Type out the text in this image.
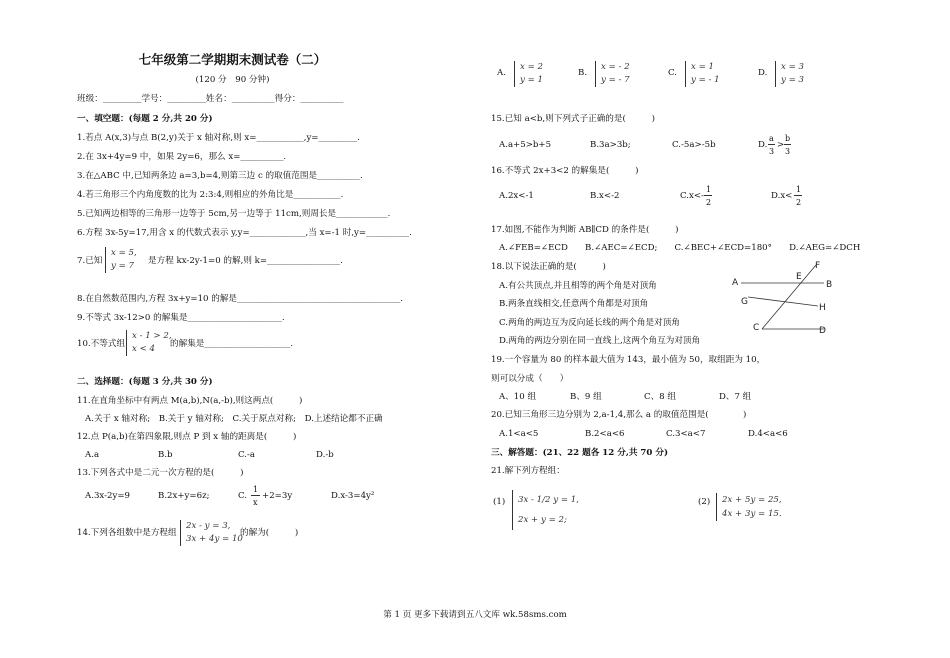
七年级第二学期期末测试卷（二）
(120 分　90 分钟)
班级：_________学号：_________姓名：__________得分：__________
一、填空题：(每题 2 分,共 20 分)
1.若点 A(x,3)与点 B(2,y)关于 x 轴对称,则 x=___________,y=_________.
2.在 3x+4y=9 中，如果 2y=6，那么 x=__________.
3.在△ABC 中,已知两条边 a=3,b=4,则第三边 c 的取值范围是__________.
4.若三角形三个内角度数的比为 2:3:4,则相应的外角比是___________.
5.已知两边相等的三角形一边等于 5cm,另一边等于 11cm,则周长是____________.
6.方程 3x-5y=17,用含 x 的代数式表示 y,y=_____________,当 x=-1 时,y=__________.
7.已知
x = 5,
y = 7	是方程 kx-2y-1=0 的解,则 k=_________________.
8.在自然数范围内,方程 3x+y=10 的解是______________________________________.
9.不等式 3x-12>0 的解集是______________________.
10.不等式组
x - 1 > 2,
x < 4	的解集是____________________.
二、选择题：(每题 3 分,共 30 分)
11.在直角坐标中有两点 M(a,b),N(a,-b),则这两点(　　　)
A.关于 x 轴对称;　B.关于 y 轴对称;　C.关于原点对称;　D.上述结论都不正确
12.点 P(a,b)在第四象限,则点 P 到 x 轴的距离是(　　　)
A.a	B.b	C.-a	D.-b
13.下列各式中是二元一次方程的是(　　　)
A.3x-2y=9	B.2x+y=6z;	C.
1
x
+2=3y	D.x-3=4y²
14.下列各组数中是方程组
2x - y = 3,
3x + 4y = 10
的解为(　　　)
A.
x = 2
y = 1
B.
x = - 2
y = - 7
C.
x = 1
y = - 1
D.
x = 3
y = 3
15.已知 a<b,则下列式子正确的是(　　　)
A.a+5>b+5	B.3a>3b;	C.-5a>-5b	D.
a
3
>
b
3
16.不等式 2x+3<2 的解集是(　　　)
A.2x<-1	B.x<-2	C.x<-
1
2
D.x<
1
2
17.如图,不能作为判断 AB∥CD 的条件是(　　　)
A.∠FEB=∠ECD　　B.∠AEC=∠ECD;　　C.∠BEC+∠ECD=180°　　D.∠AEG=∠DCH
18.以下说法正确的是(　　　)
A.有公共顶点,并且相等的两个角是对顶角
B.两条直线相交,任意两个角都是对顶角
C.两角的两边互为反向延长线的两个角是对顶角
D.两角的两边分别在同一直线上,这两个角互为对顶角
A
E
F
B
G
H
C	D
19.一个容量为 80 的样本最大值为 143，最小值为 50，取组距为 10，
则可以分成（　　）
A、10 组	B、9 组	C、8 组	D、7 组
20.已知三角形三边分别为 2,a-1,4,那么 a 的取值范围是(　　　　)
A.1<a<5	B.2<a<6	C.3<a<7	D.4<a<6
三、解答题：(21、22 题各 12 分,共 70 分)
21.解下列方程组：
(1) 3x - 1/2 y = 1,
2x + y = 2;
(2) 2x + 5y = 25,
4x + 3y = 15.
第 1 页 更多下载请到五八文库 wk.58sms.com
